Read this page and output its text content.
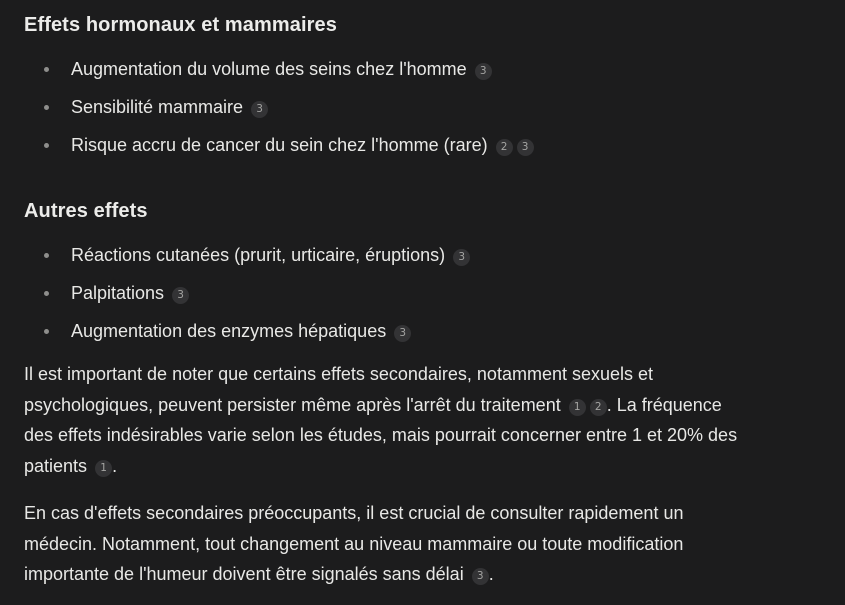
Effets hormonaux et mammaires
Augmentation du volume des seins chez l'homme 3
Sensibilité mammaire 3
Risque accru de cancer du sein chez l'homme (rare) 2 3
Autres effets
Réactions cutanées (prurit, urticaire, éruptions) 3
Palpitations 3
Augmentation des enzymes hépatiques 3

Il est important de noter que certains effets secondaires, notamment sexuels et
psychologiques, peuvent persister même après l'arrêt du traitement 1 2 . La fréquence
des effets indésirables varie selon les études, mais pourrait concerner entre 1 et 20% des
patients 1 .

En cas d'effets secondaires préoccupants, il est crucial de consulter rapidement un
médecin. Notamment, tout changement au niveau mammaire ou toute modification
importante de l'humeur doivent être signalés sans délai 3 .
